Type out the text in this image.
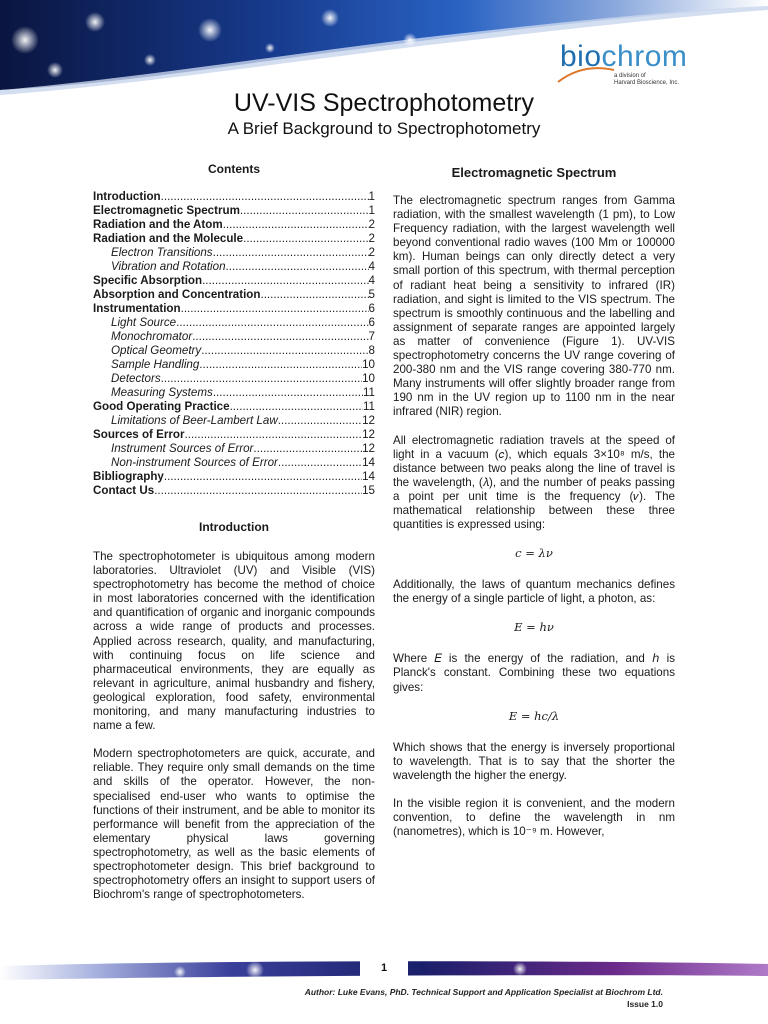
biochrom
a division of
Harvard Bioscience, Inc.
UV-VIS Spectrophotometry
A Brief Background to Spectrophotometry
Contents
Introduction .....	1
Electromagnetic Spectrum .....	1
Radiation and the Atom .....	2
Radiation and the Molecule .....	2
Electron Transitions .....	2
Vibration and Rotation .....	4
Specific Absorption .....	4
Absorption and Concentration .....	5
Instrumentation .....	6
Light Source .....	6
Monochromator .....	7
Optical Geometry .....	8
Sample Handling .....	10
Detectors .....	10
Measuring Systems .....	11
Good Operating Practice .....	11
Limitations of Beer-Lambert Law .....	12
Sources of Error .....	12
Instrument Sources of Error .....	12
Non-instrument Sources of Error .....	14
Bibliography .....	14
Contact Us .....	15
Introduction

The spectrophotometer is ubiquitous among modern laboratories. Ultraviolet (UV) and Visible (VIS) spectrophotometry has become the method of choice in most laboratories concerned with the identification and quantification of organic and inorganic compounds across a wide range of products and processes. Applied across research, quality, and manufacturing, with continuing focus on life science and pharmaceutical environments, they are equally as relevant in agriculture, animal husbandry and fishery, geological exploration, food safety, environmental monitoring, and many manufacturing industries to name a few.

Modern spectrophotometers are quick, accurate, and reliable. They require only small demands on the time and skills of the operator. However, the non-specialised end-user who wants to optimise the functions of their instrument, and be able to monitor its performance will benefit from the appreciation of the elementary physical laws governing spectrophotometry, as well as the basic elements of spectrophotometer design. This brief background to spectrophotometry offers an insight to support users of Biochrom's range of spectrophotometers.

Electromagnetic Spectrum

The electromagnetic spectrum ranges from Gamma radiation, with the smallest wavelength (1 pm), to Low Frequency radiation, with the largest wavelength well beyond conventional radio waves (100 Mm or 100000 km). Human beings can only directly detect a very small portion of this spectrum, with thermal perception of radiant heat being a sensitivity to infrared (IR) radiation, and sight is limited to the VIS spectrum. The spectrum is smoothly continuous and the labelling and assignment of separate ranges are appointed largely as matter of convenience (Figure 1). UV-VIS spectrophotometry concerns the UV range covering of 200-380 nm and the VIS range covering 380-770 nm. Many instruments will offer slightly broader range from 190 nm in the UV region up to 1100 nm in the near infrared (NIR) region.

All electromagnetic radiation travels at the speed of light in a vacuum (𝑐), which equals 3×10⁸ m/s, the distance between two peaks along the line of travel is the wavelength, (𝜆), and the number of peaks passing a point per unit time is the frequency (𝜈). The mathematical relationship between these three quantities is expressed using:

c = λν

Additionally, the laws of quantum mechanics defines the energy of a single particle of light, a photon, as:

E = hν

Where 𝐸 is the energy of the radiation, and ℎ is Planck's constant. Combining these two equations gives:

E = hc/λ

Which shows that the energy is inversely proportional to wavelength. That is to say that the shorter the wavelength the higher the energy.

In the visible region it is convenient, and the modern convention, to define the wavelength in nm (nanometres), which is 10⁻⁹ m. However,

1
Author: Luke Evans, PhD. Technical Support and Application Specialist at Biochrom Ltd.
Issue 1.0
